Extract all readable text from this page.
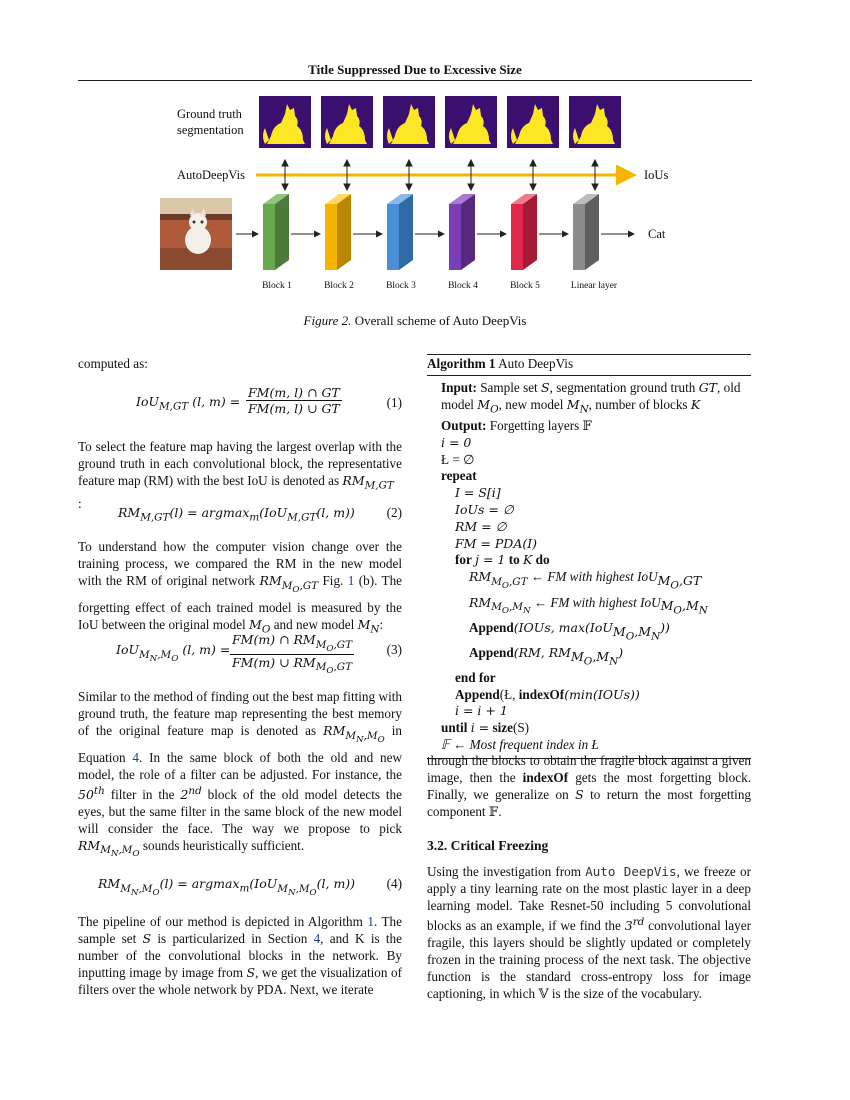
Title Suppressed Due to Excessive Size
Ground truth
segmentation
AutoDeepVis	IoUs
Cat
Block 1	Block 2	Block 3	Block 4	Block 5	Linear layer
Figure 2. Overall scheme of Auto DeepVis
computed as:
IoU$_{M,GT}$ (l, $m) = \frac{FM(m, l) \cap GT}{FM(m, l) \cup GT}$	(1)
To select the feature map having the largest overlap with the ground truth in each convolutional block, the representative feature map (RM) with the best IoU is denoted as $RM_{M,GT}$
:
$RM_{M,GT}(l) = argmax_m(IoU_{M,GT}(l$, m)) (2)
To understand how the computer vision change over the training process, we compared the RM in the new model with the RM of original network $RM_{M_O,GT}$ Fig. 1 (b). The forgetting effect of each trained model is measured by the IoU between the original model $M_O$ and new model $M_N$:
IoU$_{M_N,M_O}$ (l, m) =
FM(m) ∩ $RM_{M_O,GT}$
FM(m) ∪ $RM_{M_O,GT}$
(3)
Similar to the method of finding out the best map fitting with ground truth, the feature map representing the best memory of the original feature map is denoted as $RM_{M_N,M_O}$ in Equation 4. In the same block of both the old and new model, the role of a filter can be adjusted. For instance, the 50th filter in the 2nd block of the old model detects the eyes, but the same filter in the same block of the new model will consider the face. The way we propose to pick $RM_{M_N,M_O}$ sounds heuristically sufficient.
$RM_{M_N,M_O}(l) = argmax_m(IoU_{M_N,M_O}(l$, m)) (4)
The pipeline of our method is depicted in Algorithm 1. The sample set S is particularized in Section 4, and K is the number of the convolutional blocks in the network. By inputting image by image from S, we get the visualization of filters over the whole network by PDA. Next, we iterate
Algorithm 1 Auto DeepVis
Input: Sample set S, segmentation ground truth GT, old model $M_O$, new model $M_N$, number of blocks K
Output: Forgetting layers 𝔽
i = 0
Ł = ∅
repeat
I = S[i]
IoUs = ∅
RM = ∅
FM = PDA(I)
for j = 1 to K do
$RM_{M_O,GT}$ ← FM with highest IoU$_{M_O,GT}$
$RM_{M_O,M_N}$ ← FM with highest IoU$_{M_O,M_N}$
Append(IOUs, max(IoU$_{M_O,M_N}$))
Append(RM, $RM_{M_O,M_N}$)
end for
Append(Ł, indexOf(min(IOUs))
i = i + 1
until i = size(S)
𝔽 ← Most frequent index in Ł
through the blocks to obtain the fragile block against a given image, then the indexOf gets the most forgetting block. Finally, we generalize on S to return the most forgetting component 𝔽.
3.2. Critical Freezing
Using the investigation from Auto DeepVis, we freeze or apply a tiny learning rate on the most plastic layer in a deep learning model. Take Resnet-50 including 5 convolutional blocks as an example, if we find the 3rd convolutional layer fragile, this layers should be slightly updated or completely frozen in the training process of the next task. The objective function is the standard cross-entropy loss for image captioning, in which 𝕍 is the size of the vocabulary.
